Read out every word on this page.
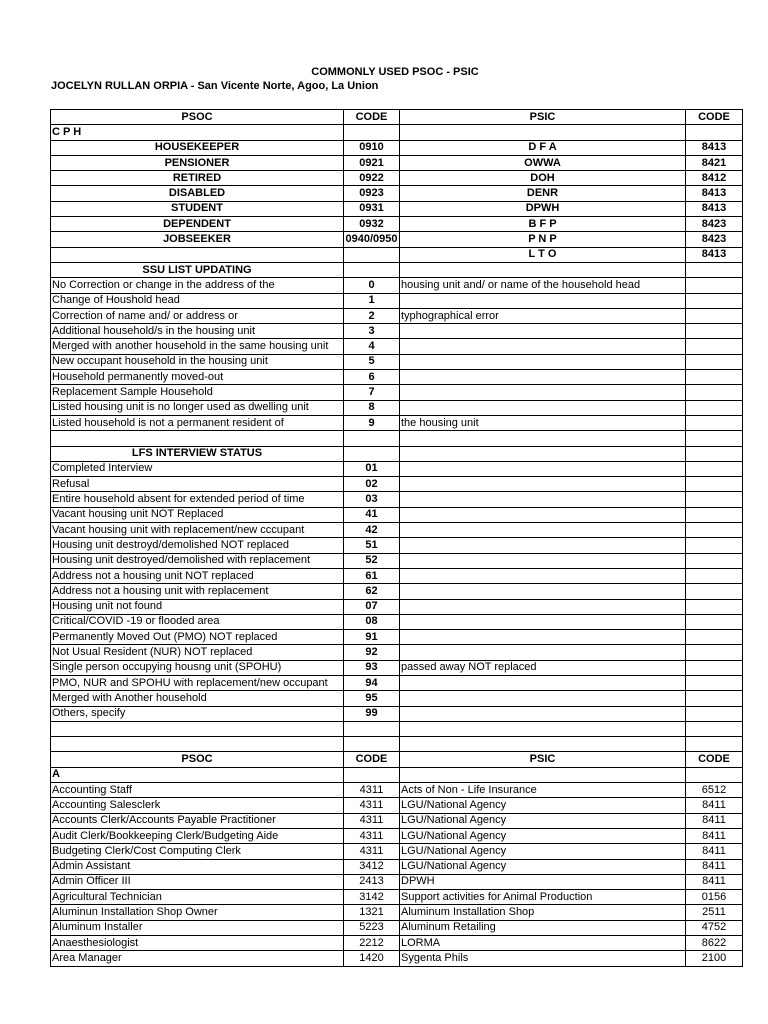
COMMONLY USED PSOC - PSIC
JOCELYN RULLAN ORPIA - San Vicente Norte, Agoo, La Union
PSOC	CODE	PSIC	CODE
C P H			
HOUSEKEEPER	0910	D F A	8413
PENSIONER	0921	OWWA	8421
RETIRED	0922	DOH	8412
DISABLED	0923	DENR	8413
STUDENT	0931	DPWH	8413
DEPENDENT	0932	B F P	8423
JOBSEEKER	0940/0950	P N P	8423
		L T O	8413
SSU LIST UPDATING			
No Correction or change in the address of the	0	housing unit and/ or name of the household head	
Change of Houshold head	1		
Correction of name and/ or address or	2	typhographical error	
Additional household/s in the housing unit	3		
Merged with another household in the same housing unit	4		
New occupant household in the housing unit	5		
Household permanently moved-out	6		
Replacement Sample Household	7		
Listed housing unit is no longer used as dwelling unit	8		
Listed household is not a permanent resident of	9	the housing unit	

LFS INTERVIEW STATUS			
Completed Interview	01		
Refusal	02		
Entire household absent for extended period of time	03		
Vacant housing unit NOT Replaced	41		
Vacant housing unit with replacement/new cccupant	42		
Housing unit destroyd/demolished NOT replaced	51		
Housing unit destroyed/demolished with replacement	52		
Address not a housing unit NOT replaced	61		
Address not a housing unit with replacement	62		
Housing unit not found	07		
Critical/COVID -19 or flooded area	08		
Permanently Moved Out (PMO) NOT replaced	91		
Not Usual Resident (NUR) NOT replaced	92		
Single person occupying housng unit (SPOHU)	93	passed away NOT replaced	
PMO, NUR and SPOHU with replacement/new occupant	94		
Merged with Another household	95		
Others, specify	99		

PSOC	CODE	PSIC	CODE
A			
Accounting Staff	4311	Acts of Non - Life Insurance	6512
Accounting Salesclerk	4311	LGU/National Agency	8411
Accounts Clerk/Accounts Payable Practitioner	4311	LGU/National Agency	8411
Audit Clerk/Bookkeeping Clerk/Budgeting Aide	4311	LGU/National Agency	8411
Budgeting Clerk/Cost Computing Clerk	4311	LGU/National Agency	8411
Admin Assistant	3412	LGU/National Agency	8411
Admin Officer III	2413	DPWH	8411
Agricultural Technician	3142	Support activities for Animal Production	0156
Aluminun Installation Shop Owner	1321	Aluminum Installation Shop	2511
Aluminum Installer	5223	Aluminum Retailing	4752
Anaesthesiologist	2212	LORMA	8622
Area Manager	1420	Sygenta Phils	2100
